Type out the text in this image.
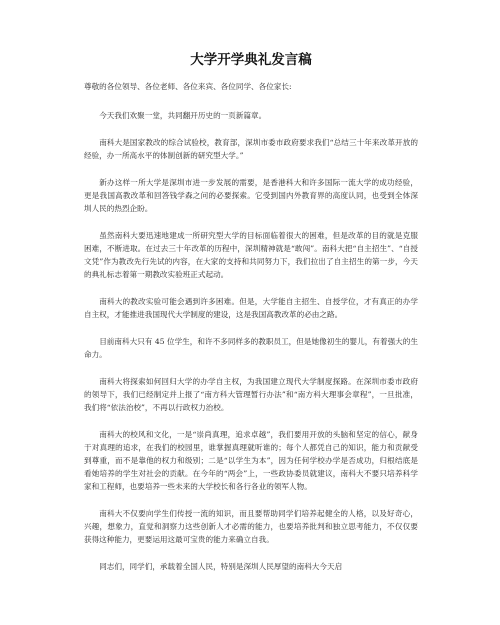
大学开学典礼发言稿
尊敬的各位领导、各位老师、各位来宾、各位同学、各位家长:

今天我们欢聚一堂，共同翻开历史的一页新篇章。

南科大是国家教改的综合试验校，教育部，深圳市委市政府要求我们“总结三十年来改革开放的经验，办一所高水平的体制创新的研究型大学。”

新办这样一所大学是深圳市进一步发展的需要，是香港科大和许多国际一流大学的成功经验，更是我国高教改革和回答钱学森之问的必要探索。它受到国内外教育界的高度认同，也受到全体深圳人民的热烈企盼。

虽然南科大要迅速地建成一所研究型大学的目标面临着很大的困难，但是改革的目的就是克服困难，不断进取。在过去三十年改革的历程中，深圳精神就是“敢闯”。南科大把“自主招生”、“自授文凭”作为教改先行先试的内容，在大家的支持和共同努力下，我们拉出了自主招生的第一步，今天的典礼标志着第一期教改实验班正式起动。

南科大的教改实验可能会遇到许多困难。但是，大学能自主招生、自授学位，才有真正的办学自主权，才能推进我国现代大学制度的建设，这是我国高教改革的必由之路。

目前南科大只有 45 位学生，和许不多同样多的教职员工，但是她像初生的婴儿，有着强大的生命力。

南科大将探索如何回归大学的办学自主权，为我国建立现代大学制度探路。在深圳市委市政府的领导下，我们已经制定并上报了“南方科大管理暂行办法”和“南方科大理事会章程”，一旦批准，我们将“依法治校”，不再以行政权力治校。

南科大的校风和文化，一是“崇尚真理，追求卓越”，我们要用开放的头脑和坚定的信心，献身于对真理的追求，在我们的校园里，谁掌握真理就听谁的；每个人都凭自己的知识，能力和贡献受到尊重，而不是靠他的权力和级别；二是“以学生为本”，因为任何学校办学是否成功，归根结底是看她培养的学生对社会的贡献。在今年的“两会”上，一些政协委员就建议，南科大不要只培养科学家和工程师，也要培养一些未来的大学校长和各行各业的领军人物。

南科大不仅要向学生们传授一流的知识，而且要帮助同学们培养起健全的人格，以及好奇心，兴趣，想象力，直觉和洞察力这些创新人才必需的能力，也要培养批判和独立思考能力，不仅仅要获得这种能力，更要运用这最可宝贵的能力来确立自我。

同志们，同学们，承载着全国人民，特别是深圳人民厚望的南科大今天启
